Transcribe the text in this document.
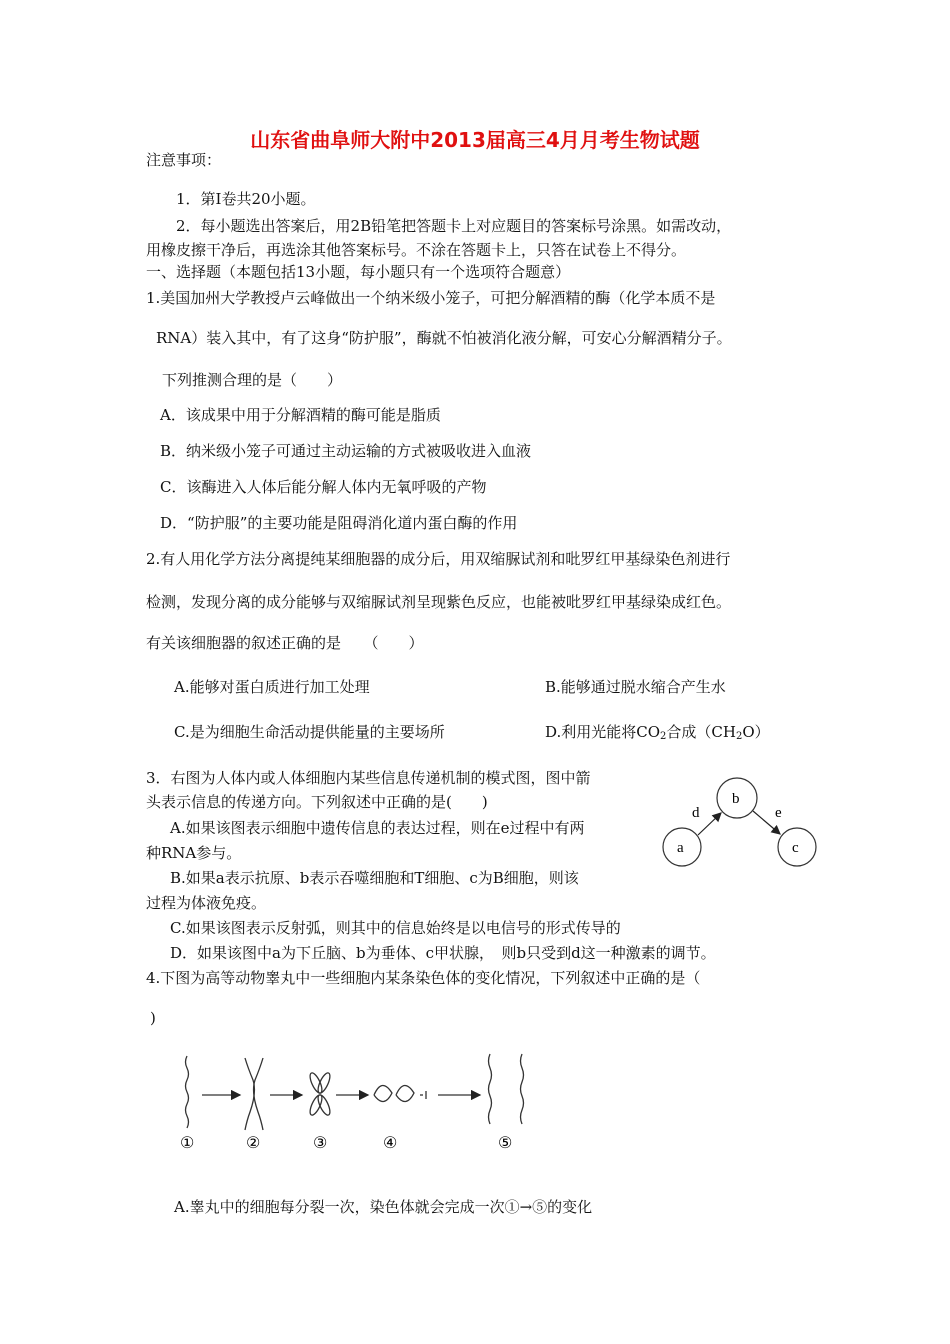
山东省曲阜师大附中2013届高三4月月考生物试题
注意事项：
1．第Ⅰ卷共20小题。
2．每小题选出答案后，用2B铅笔把答题卡上对应题目的答案标号涂黑。如需改动，
用橡皮擦干净后，再选涂其他答案标号。不涂在答题卡上，只答在试卷上不得分。
一、选择题（本题包括13小题，每小题只有一个选项符合题意）
1.美国加州大学教授卢云峰做出一个纳米级小笼子，可把分解酒精的酶（化学本质不是
RNA）装入其中，有了这身“防护服”，酶就不怕被消化液分解，可安心分解酒精分子。
下列推测合理的是（　　）
A．该成果中用于分解酒精的酶可能是脂质
B．纳米级小笼子可通过主动运输的方式被吸收进入血液
C．该酶进入人体后能分解人体内无氧呼吸的产物
D．“防护服”的主要功能是阻碍消化道内蛋白酶的作用
2.有人用化学方法分离提纯某细胞器的成分后，用双缩脲试剂和吡罗红甲基绿染色剂进行
检测，发现分离的成分能够与双缩脲试剂呈现紫色反应，也能被吡罗红甲基绿染成红色。
有关该细胞器的叙述正确的是　　（　　）
A.能够对蛋白质进行加工处理	B.能够通过脱水缩合产生水
C.是为细胞生命活动提供能量的主要场所	D.利用光能将$CO_2$合成$(CH_2O)$
3．右图为人体内或人体细胞内某些信息传递机制的模式图，图中箭
头表示信息的传递方向。下列叙述中正确的是(　　)
A.如果该图表示细胞中遗传信息的表达过程，则在e过程中有两
种RNA参与。
B.如果a表示抗原、b表示吞噬细胞和T细胞、c为B细胞，则该
过程为体液免疫。
C.如果该图表示反射弧，则其中的信息始终是以电信号的形式传导的
D．如果该图中a为下丘脑、b为垂体、c甲状腺，　则b只受到d这一种激素的调节。
a
b
c
d	e
4.下图为高等动物睾丸中一些细胞内某条染色体的变化情况，下列叙述中正确的是（
)
①	②	③	④	⑤
A.睾丸中的细胞每分裂一次，染色体就会完成一次①→⑤的变化
